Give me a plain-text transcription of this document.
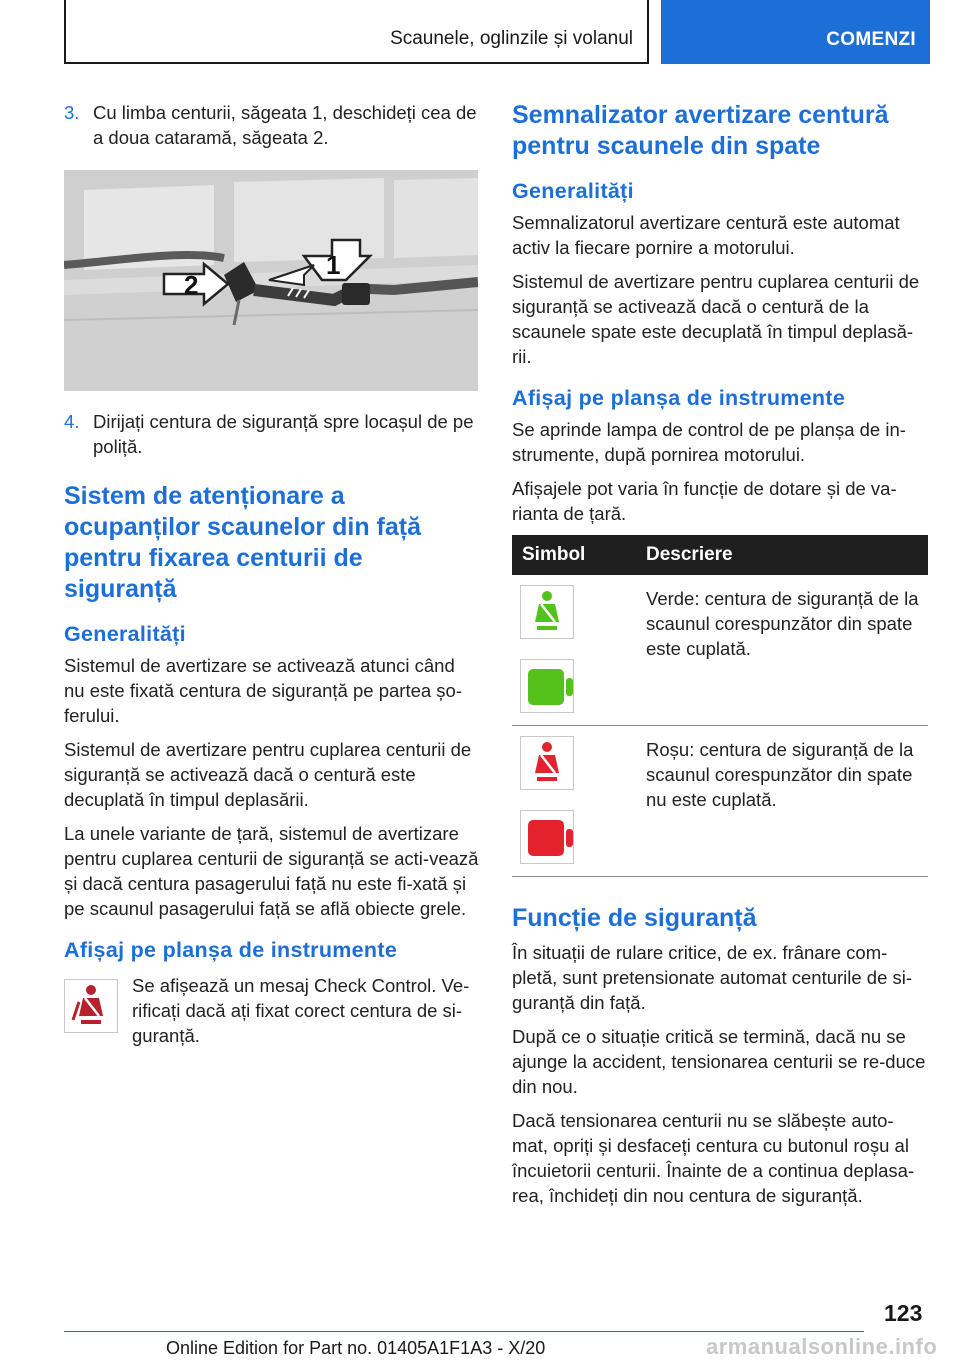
Scaunele, oglinzile și volanul	COMENZI
3. Cu limba centurii, săgeata 1, deschideți cea de a doua cataramă, săgeata 2.
1
2
4. Dirijați centura de siguranță spre locașul de pe poliță.
Sistem de atenționare a ocupanților scaunelor din față pentru fixarea centurii de siguranță
Generalități

Sistemul de avertizare se activează atunci când nu este fixată centura de siguranță pe partea șo-ferului.

Sistemul de avertizare pentru cuplarea centurii de siguranță se activează dacă o centură este decuplată în timpul deplasării.

La unele variante de țară, sistemul de avertizare pentru cuplarea centurii de siguranță se acti-vează și dacă centura pasagerului față nu este fi-xată și pe scaunul pasagerului față se află obiecte grele.

Afișaj pe planșa de instrumente

Se afișează un mesaj Check Control. Ve-rificați dacă ați fixat corect centura de si-guranță.

Semnalizator avertizare centură pentru scaunele din spate
Generalități

Semnalizatorul avertizare centură este automat activ la fiecare pornire a motorului.

Sistemul de avertizare pentru cuplarea centurii de siguranță se activează dacă o centură de la scaunele spate este decuplată în timpul deplasă-rii.

Afișaj pe planșa de instrumente

Se aprinde lampa de control de pe planșa de in-strumente, după pornirea motorului.

Afișajele pot varia în funcție de dotare și de va-rianta de țară.

Simbol	Descriere

	Verde: centura de siguranță de la scaunul corespunzător din spate este cuplată.

	Roșu: centura de siguranță de la scaunul corespunzător din spate nu este cuplată.
Funcție de siguranță

În situații de rulare critice, de ex. frânare com-pletă, sunt pretensionate automat centurile de si-guranță din față.

După ce o situație critică se termină, dacă nu se ajunge la accident, tensionarea centurii se re-duce din nou.

Dacă tensionarea centurii nu se slăbește auto-mat, opriți și desfaceți centura cu butonul roșu al încuietorii centurii. Înainte de a continua deplasa-rea, închideți din nou centura de siguranță.

123
Online Edition for Part no. 01405A1F1A3 - X/20	armanualsonline.info
